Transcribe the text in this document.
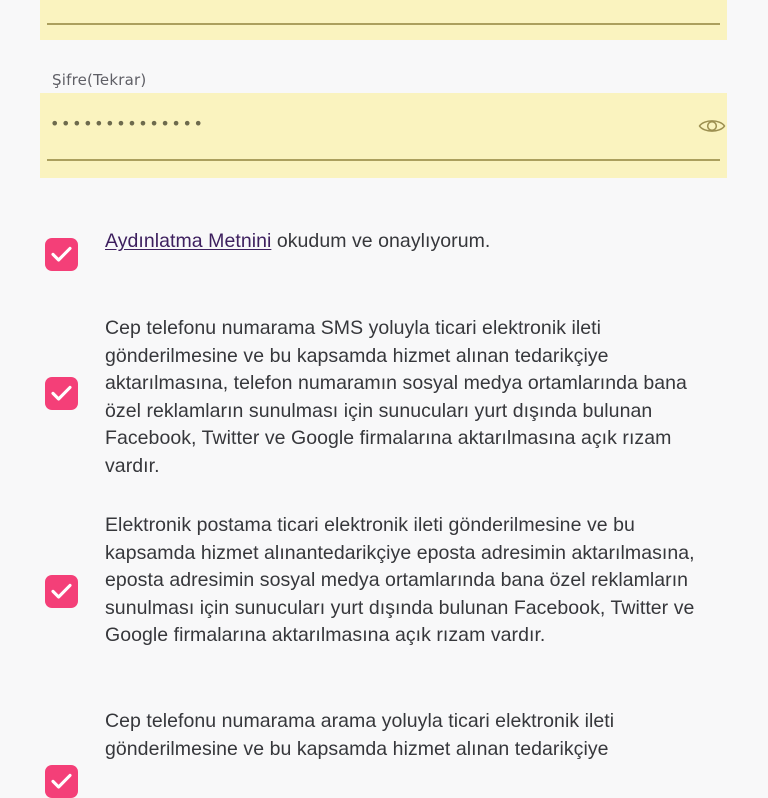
Şifre(Tekrar)
••••••••••••••
Aydınlatma Metnini okudum ve onaylıyorum.
Cep telefonu numarama SMS yoluyla ticari elektronik ileti gönderilmesine ve bu kapsamda hizmet alınan tedarikçiye aktarılmasına, telefon numaramın sosyal medya ortamlarında bana özel reklamların sunulması için sunucuları yurt dışında bulunan Facebook, Twitter ve Google firmalarına aktarılmasına açık rızam vardır.
Elektronik postama ticari elektronik ileti gönderilmesine ve bu kapsamda hizmet alınantedarikçiye eposta adresimin aktarılmasına, eposta adresimin sosyal medya ortamlarında bana özel reklamların sunulması için sunucuları yurt dışında bulunan Facebook, Twitter ve Google firmalarına aktarılmasına açık rızam vardır.
Cep telefonu numarama arama yoluyla ticari elektronik ileti gönderilmesine ve bu kapsamda hizmet alınan tedarikçiye
